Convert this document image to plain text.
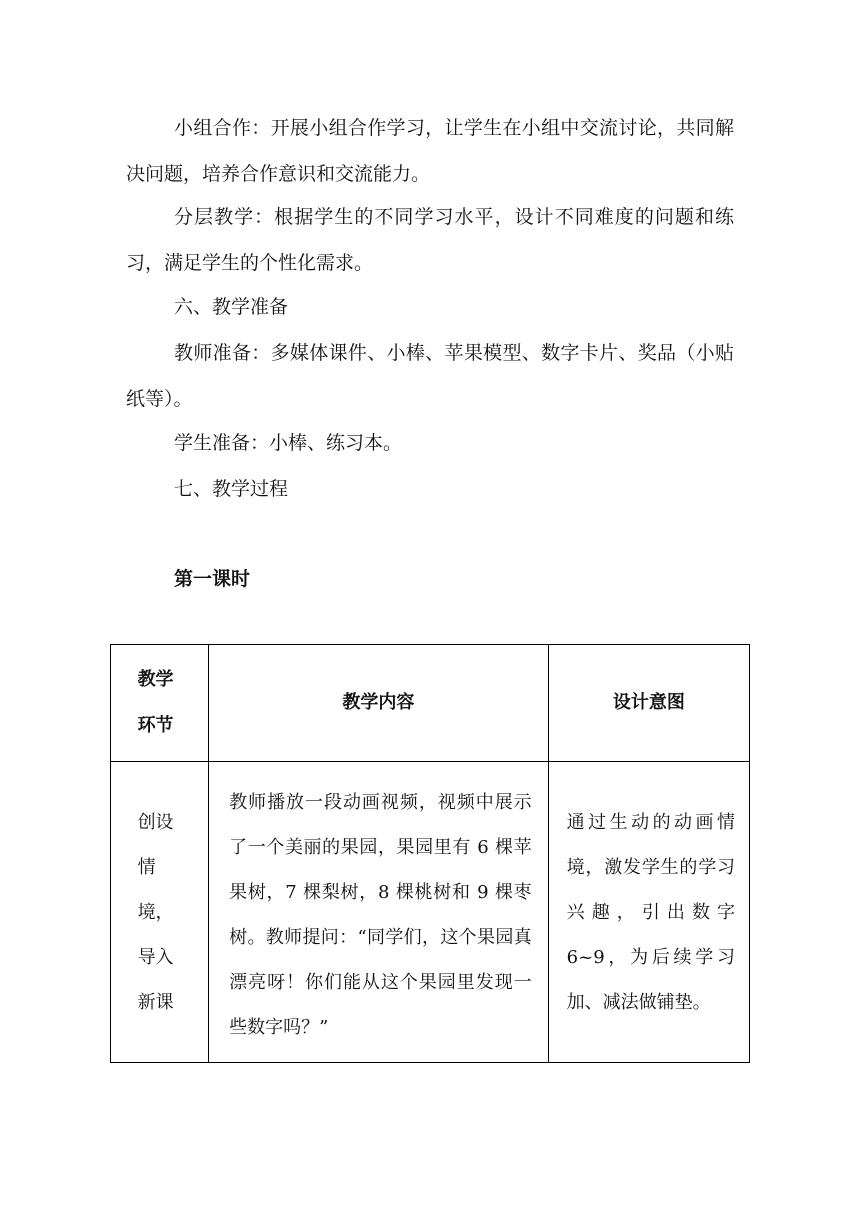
小组合作：开展小组合作学习，让学生在小组中交流讨论，共同解决问题，培养合作意识和交流能力。

分层教学：根据学生的不同学习水平，设计不同难度的问题和练习，满足学生的个性化需求。

六、教学准备

教师准备：多媒体课件、小棒、苹果模型、数字卡片、奖品（小贴纸等）。

学生准备：小棒、练习本。

七、教学过程

第一课时
教学环节	教学内容	设计意图

创设情境，导入新课	教师播放一段动画视频，视频中展示了一个美丽的果园，果园里有 6 棵苹果树，7 棵梨树，8 棵桃树和 9 棵枣树。教师提问：“同学们，这个果园真漂亮呀！你们能从这个果园里发现一些数字吗？”	通过生动的动画情境，激发学生的学习兴趣，引出数字 6~9，为后续学习加、减法做铺垫。
